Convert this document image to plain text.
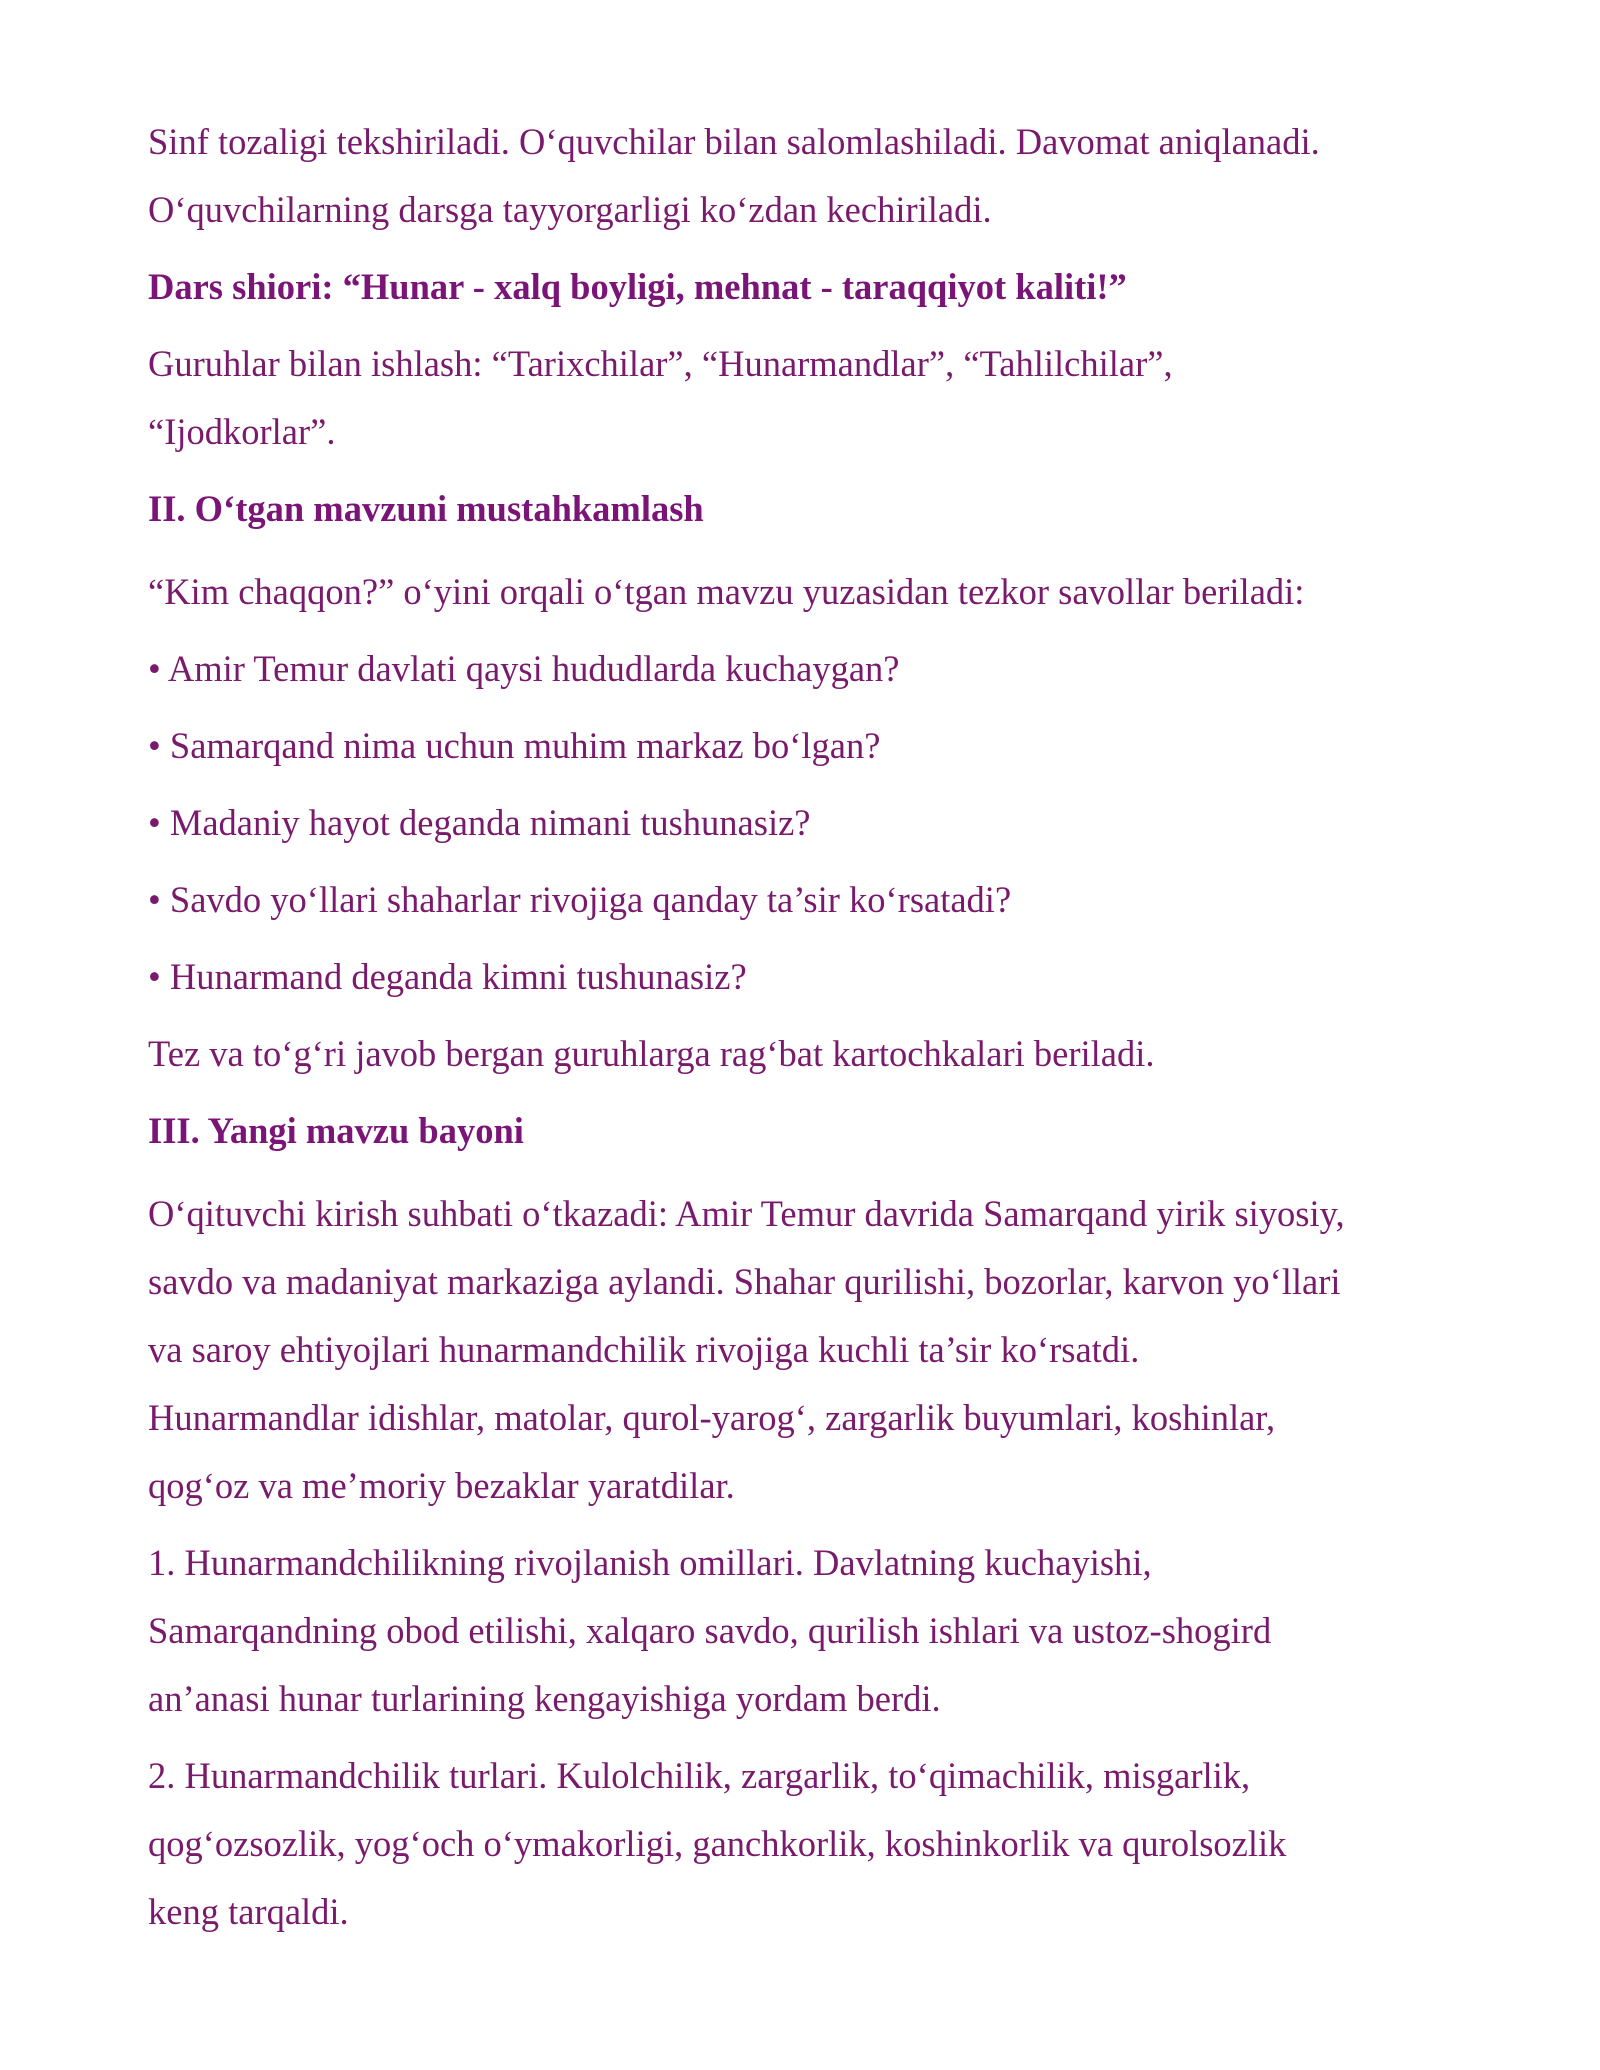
Sinf tozaligi tekshiriladi. O‘quvchilar bilan salomlashiladi. Davomat aniqlanadi.

O‘quvchilarning darsga tayyorgarligi ko‘zdan kechiriladi.

Dars shiori: “Hunar - xalq boyligi, mehnat - taraqqiyot kaliti!”

Guruhlar bilan ishlash: “Tarixchilar”, “Hunarmandlar”, “Tahlilchilar”,

“Ijodkorlar”.

II. O‘tgan mavzuni mustahkamlash

“Kim chaqqon?” o‘yini orqali o‘tgan mavzu yuzasidan tezkor savollar beriladi:

• Amir Temur davlati qaysi hududlarda kuchaygan?

• Samarqand nima uchun muhim markaz bo‘lgan?

• Madaniy hayot deganda nimani tushunasiz?

• Savdo yo‘llari shaharlar rivojiga qanday ta’sir ko‘rsatadi?

• Hunarmand deganda kimni tushunasiz?

Tez va to‘g‘ri javob bergan guruhlarga rag‘bat kartochkalari beriladi.

III. Yangi mavzu bayoni

O‘qituvchi kirish suhbati o‘tkazadi: Amir Temur davrida Samarqand yirik siyosiy,

savdo va madaniyat markaziga aylandi. Shahar qurilishi, bozorlar, karvon yo‘llari

va saroy ehtiyojlari hunarmandchilik rivojiga kuchli ta’sir ko‘rsatdi.

Hunarmandlar idishlar, matolar, qurol-yarog‘, zargarlik buyumlari, koshinlar,

qog‘oz va me’moriy bezaklar yaratdilar.

1. Hunarmandchilikning rivojlanish omillari. Davlatning kuchayishi,

Samarqandning obod etilishi, xalqaro savdo, qurilish ishlari va ustoz-shogird

an’anasi hunar turlarining kengayishiga yordam berdi.

2. Hunarmandchilik turlari. Kulolchilik, zargarlik, to‘qimachilik, misgarlik,

qog‘ozsozlik, yog‘och o‘ymakorligi, ganchkorlik, koshinkorlik va qurolsozlik

keng tarqaldi.
